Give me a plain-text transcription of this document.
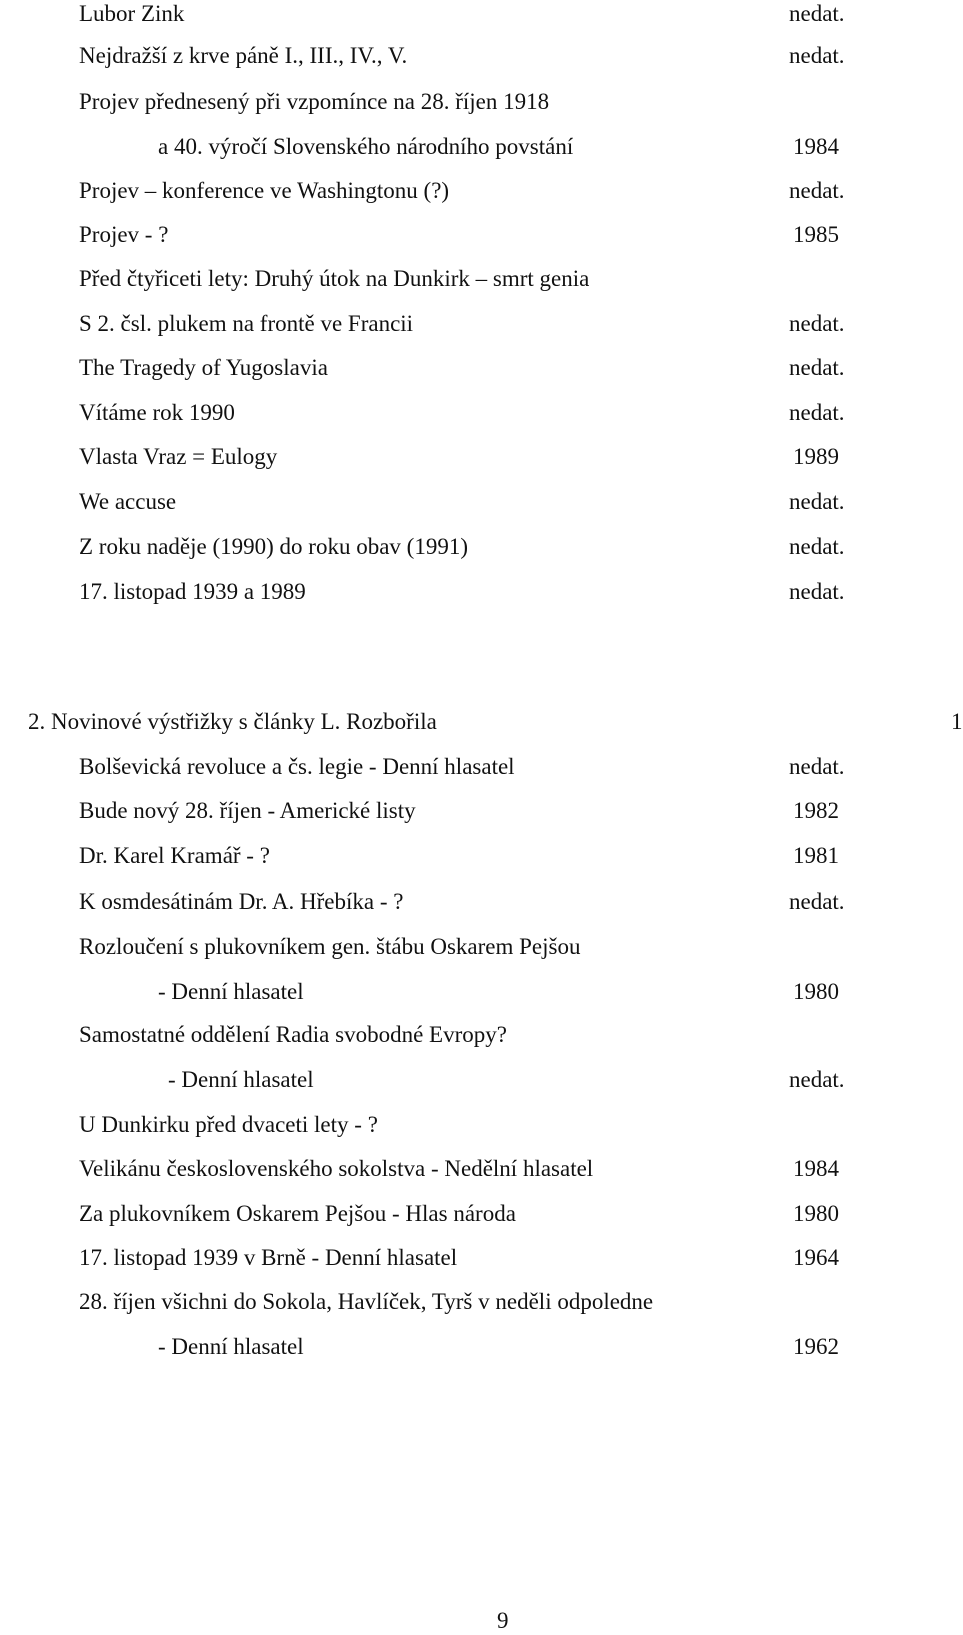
Lubor Zink	nedat.
Nejdražší z krve páně I., III., IV., V.	nedat.
Projev přednesený při vzpomínce na 28. říjen 1918
a 40. výročí Slovenského národního povstání	1984
Projev – konference ve Washingtonu (?)	nedat.
Projev - ?	1985
Před čtyřiceti lety: Druhý útok na Dunkirk – smrt genia
S 2. čsl. plukem na frontě ve Francii	nedat.
The Tragedy of Yugoslavia	nedat.
Vítáme rok 1990	nedat.
Vlasta Vraz = Eulogy	1989
We accuse	nedat.
Z roku naděje (1990) do roku obav (1991)	nedat.
17. listopad 1939 a 1989	nedat.
2. Novinové výstřižky s články L. Rozbořila	1
Bolševická revoluce a čs. legie - Denní hlasatel	nedat.
Bude nový 28. říjen - Americké listy	1982
Dr. Karel Kramář - ?	1981
K osmdesátinám Dr. A. Hřebíka - ?	nedat.
Rozloučení s plukovníkem gen. štábu Oskarem Pejšou
- Denní hlasatel	1980
Samostatné oddělení Radia svobodné Evropy?
- Denní hlasatel	nedat.
U Dunkirku před dvaceti lety - ?
Velikánu československého sokolstva - Nedělní hlasatel	1984
Za plukovníkem Oskarem Pejšou - Hlas národa	1980
17. listopad 1939 v Brně - Denní hlasatel	1964
28. říjen všichni do Sokola, Havlíček, Tyrš v neděli odpoledne
- Denní hlasatel	1962
9
